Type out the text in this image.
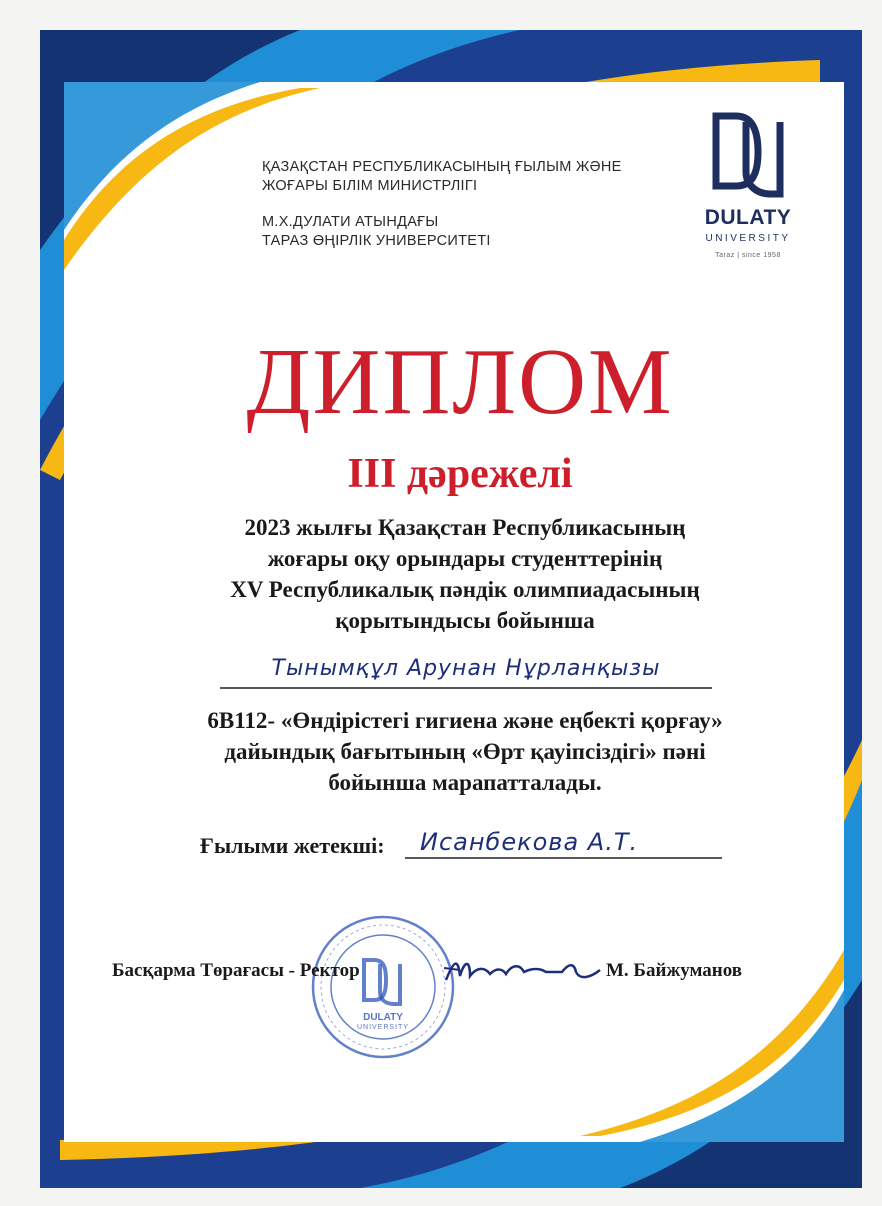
ҚАЗАҚСТАН РЕСПУБЛИКАСЫНЫҢ ҒЫЛЫМ ЖӘНЕ
ЖОҒАРЫ БІЛІМ МИНИСТРЛІГІ
М.Х.ДУЛАТИ АТЫНДАҒЫ
ТАРАЗ ӨҢІРЛІК УНИВЕРСИТЕТІ
DULATY
UNIVERSITY
Taraz | since 1958
ДИПЛОМ
III дәрежелі
2023 жылғы Қазақстан Республикасының
жоғары оқу орындары студенттерінің
XV Республикалық пәндік олимпиадасының
қорытындысы бойынша
Тынымқұл Арунан Нұрланқызы
6В112- «Өндірістегі гигиена және еңбекті қорғау»
дайындық бағытының «Өрт қауіпсіздігі» пәні
бойынша марапатталады.
Ғылыми жетекші: Исанбекова А.Т.
DULATY
UNIVERSITY
Басқарма Төрағасы - Ректор	М. Байжуманов
